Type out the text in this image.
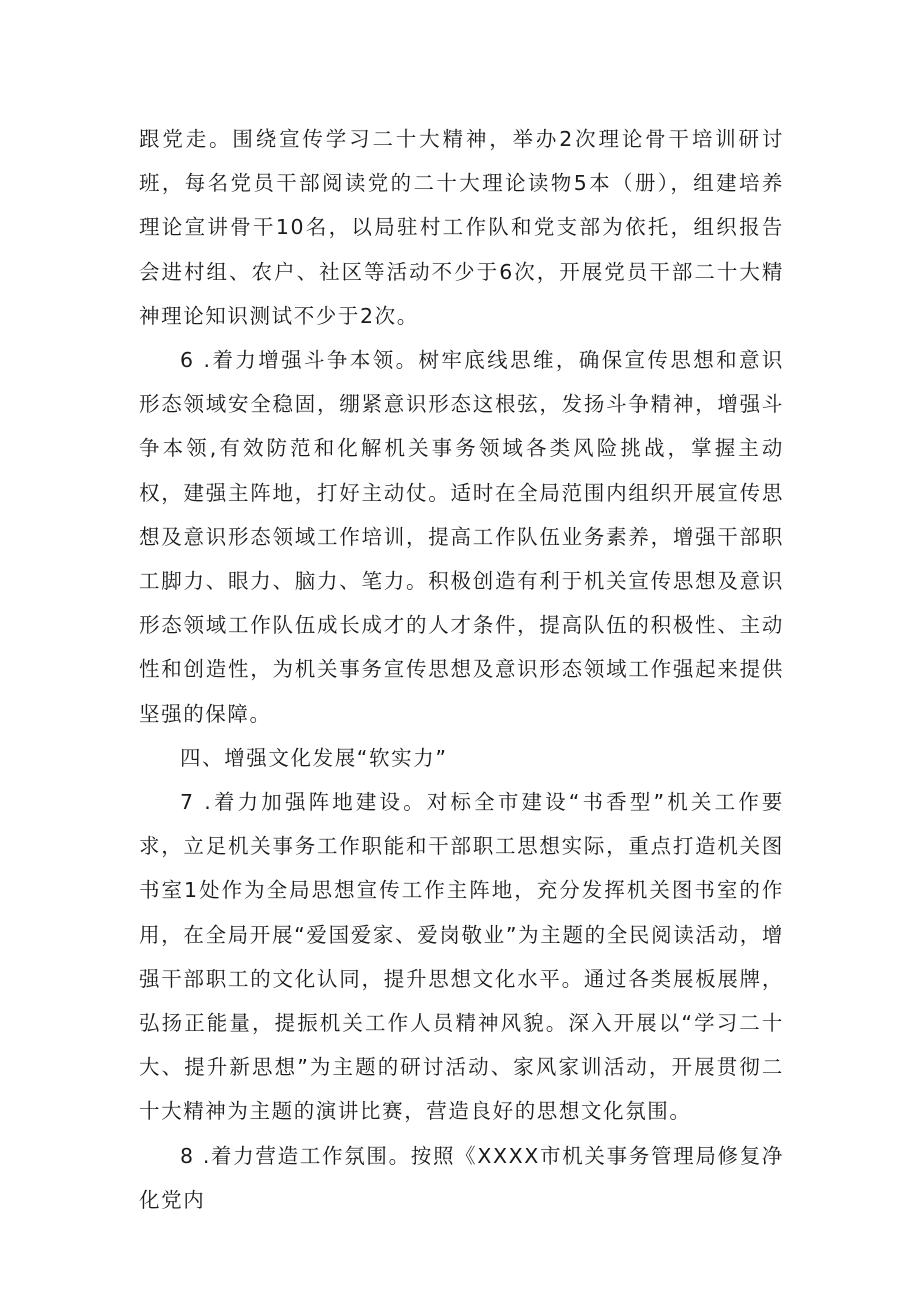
跟党走。围绕宣传学习二十大精神，举办2次理论骨干培训研讨班，每名党员干部阅读党的二十大理论读物5本（册），组建培养理论宣讲骨干10名，以局驻村工作队和党支部为依托，组织报告会进村组、农户、社区等活动不少于6次，开展党员干部二十大精神理论知识测试不少于2次。

6 .着力增强斗争本领。树牢底线思维，确保宣传思想和意识形态领域安全稳固，绷紧意识形态这根弦，发扬斗争精神，增强斗争本领,有效防范和化解机关事务领域各类风险挑战，掌握主动权，建强主阵地，打好主动仗。适时在全局范围内组织开展宣传思想及意识形态领域工作培训，提高工作队伍业务素养，增强干部职工脚力、眼力、脑力、笔力。积极创造有利于机关宣传思想及意识形态领域工作队伍成长成才的人才条件，提高队伍的积极性、主动性和创造性，为机关事务宣传思想及意识形态领域工作强起来提供坚强的保障。

四、增强文化发展“软实力”

7 .着力加强阵地建设。对标全市建设“书香型”机关工作要求，立足机关事务工作职能和干部职工思想实际，重点打造机关图书室1处作为全局思想宣传工作主阵地，充分发挥机关图书室的作用，在全局开展“爱国爱家、爱岗敬业”为主题的全民阅读活动，增强干部职工的文化认同，提升思想文化水平。通过各类展板展牌，弘扬正能量，提振机关工作人员精神风貌。深入开展以“学习二十大、提升新思想”为主题的研讨活动、家风家训活动，开展贯彻二十大精神为主题的演讲比赛，营造良好的思想文化氛围。

8 .着力营造工作氛围。按照《XXXX市机关事务管理局修复净化党内
